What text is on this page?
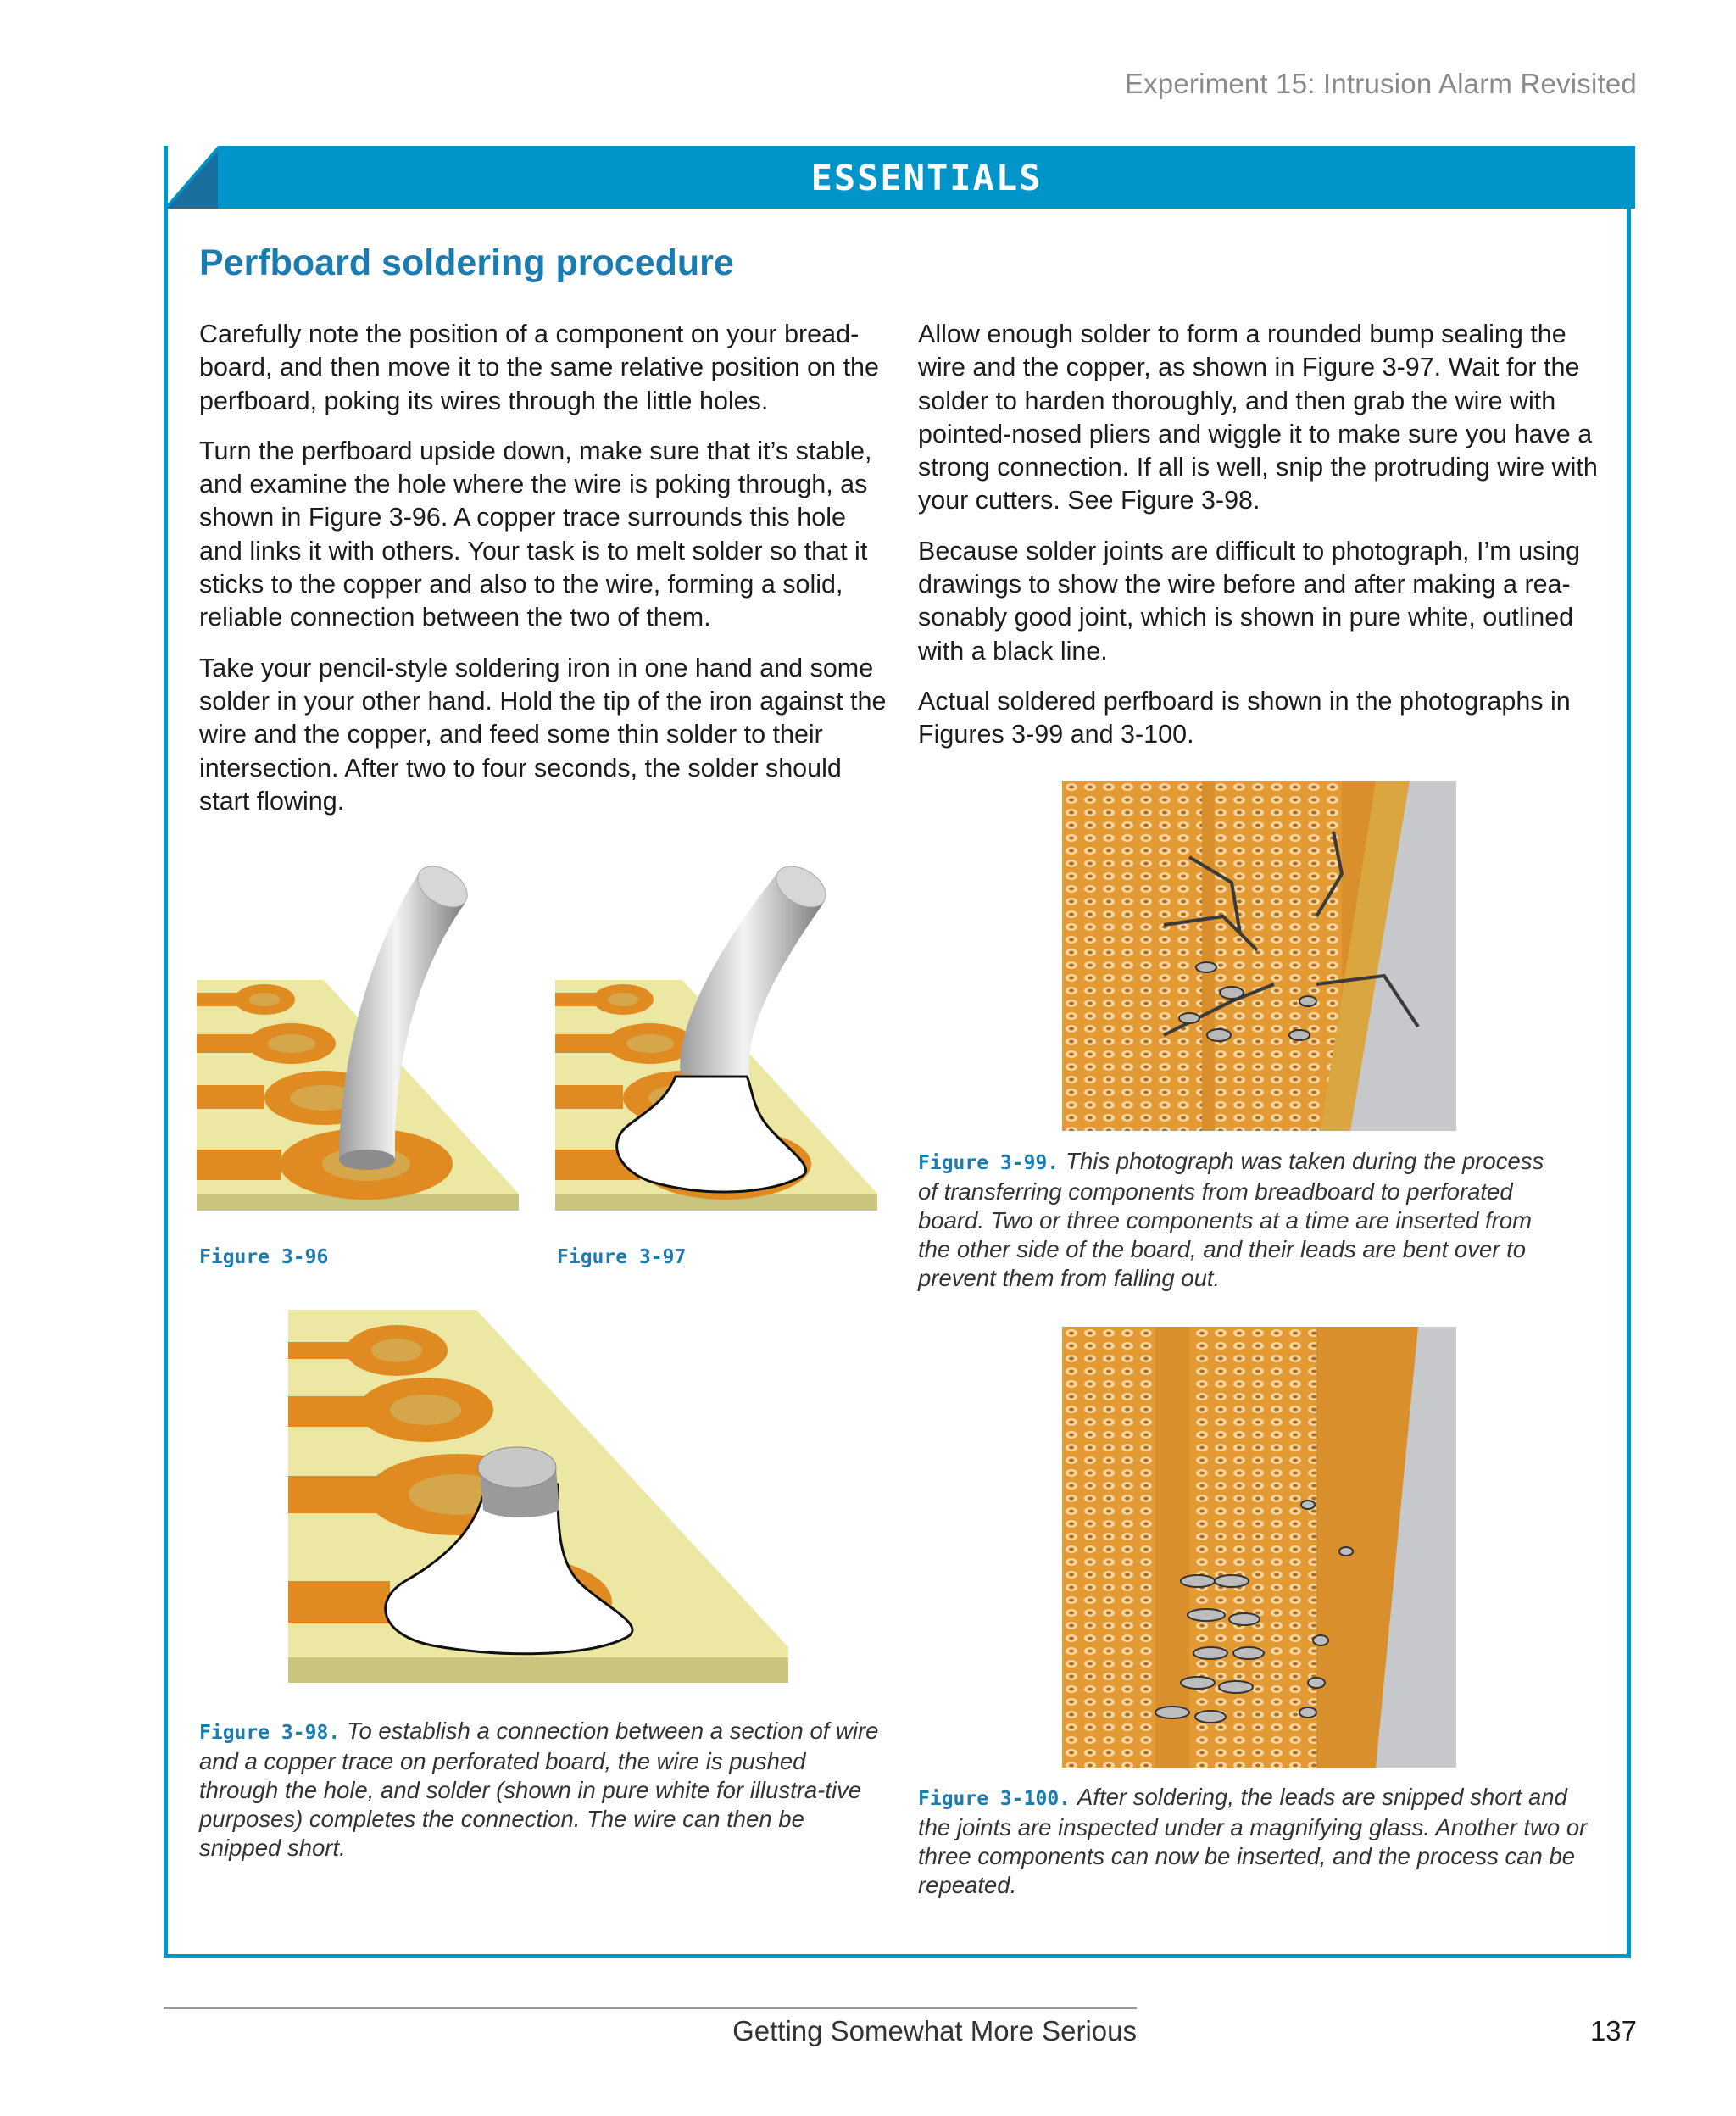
Experiment 15: Intrusion Alarm Revisited
ESSENTIALS
Perfboard soldering procedure

Carefully note the position of a component on your bread-board, and then move it to the same relative position on the perfboard, poking its wires through the little holes.

Turn the perfboard upside down, make sure that it’s stable, and examine the hole where the wire is poking through, as shown in Figure 3-96. A copper trace surrounds this hole and links it with others. Your task is to melt solder so that it sticks to the copper and also to the wire, forming a solid, reliable connection between the two of them.

Take your pencil-style soldering iron in one hand and some solder in your other hand. Hold the tip of the iron against the wire and the copper, and feed some thin solder to their intersection. After two to four seconds, the solder should start flowing.

Allow enough solder to form a rounded bump sealing the wire and the copper, as shown in Figure 3-97. Wait for the solder to harden thoroughly, and then grab the wire with pointed-nosed pliers and wiggle it to make sure you have a strong connection. If all is well, snip the protruding wire with your cutters. See Figure 3-98.

Because solder joints are difficult to photograph, I’m using drawings to show the wire before and after making a rea-sonably good joint, which is shown in pure white, outlined with a black line.

Actual soldered perfboard is shown in the photographs in Figures 3-99 and 3-100.

Figure 3-96	Figure 3-97
Figure 3-98. To establish a connection between a section of wire and a copper trace on perforated board, the wire is pushed through the hole, and solder (shown in pure white for illustra-tive purposes) completes the connection. The wire can then be snipped short.
Figure 3-99. This photograph was taken during the process of transferring components from breadboard to perforated board. Two or three components at a time are inserted from the other side of the board, and their leads are bent over to prevent them from falling out.
Figure 3-100. After soldering, the leads are snipped short and the joints are inspected under a magnifying glass. Another two or three components can now be inserted, and the process can be repeated.
Getting Somewhat More Serious	137
